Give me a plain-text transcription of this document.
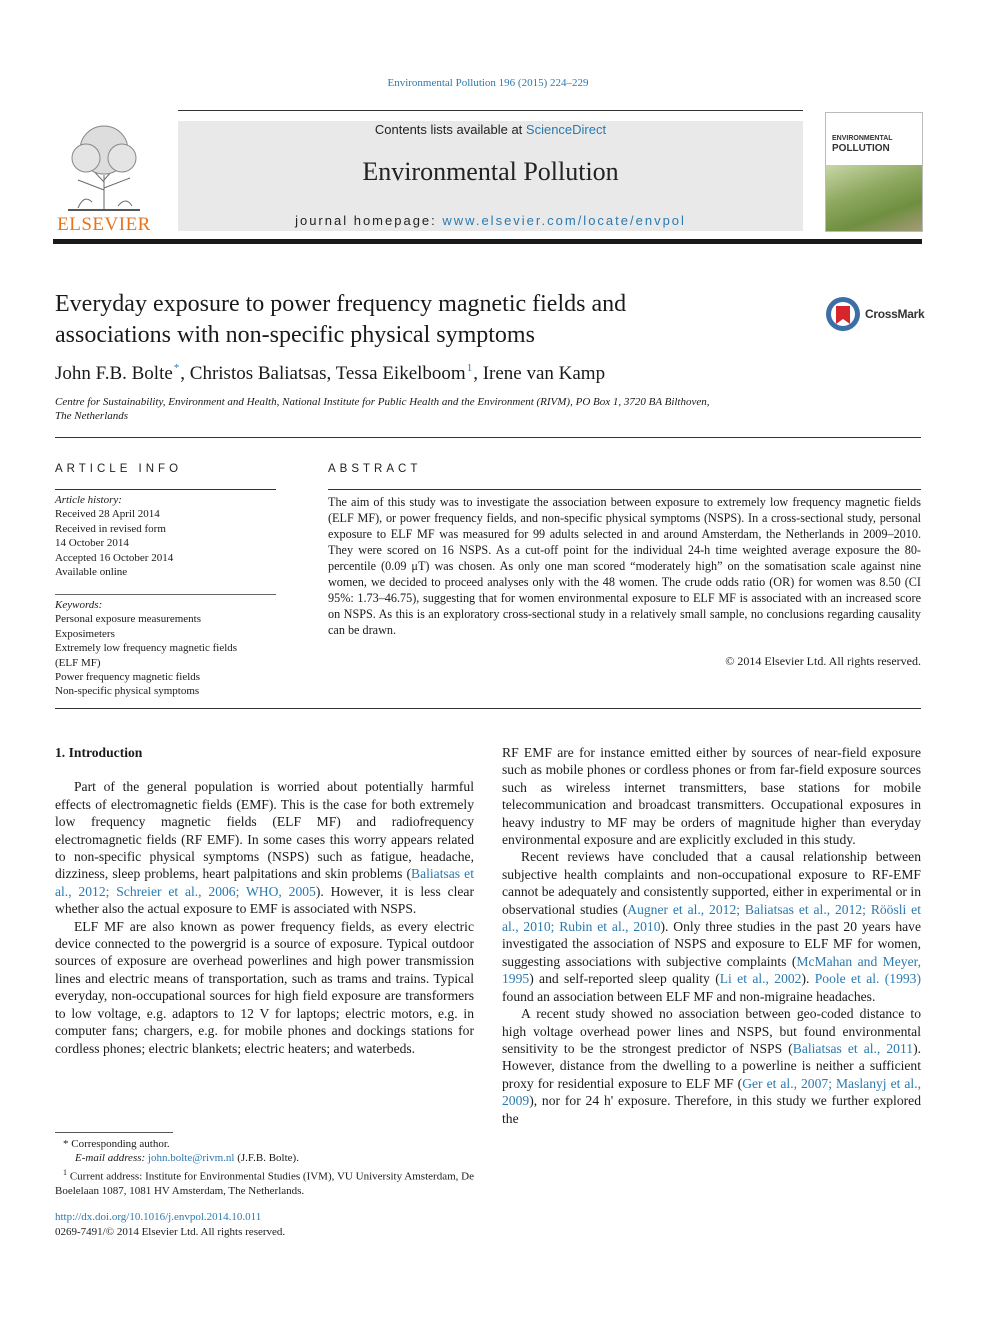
Environmental Pollution 196 (2015) 224–229
ELSEVIER
Contents lists available at ScienceDirect
Environmental Pollution
journal homepage: www.elsevier.com/locate/envpol
ENVIRONMENTAL
POLLUTION
Everyday exposure to power frequency magnetic fields and
associations with non-specific physical symptoms
CrossMark
John F.B. Bolte*, Christos Baliatsas, Tessa Eikelboom$^1$, Irene van Kamp
Centre for Sustainability, Environment and Health, National Institute for Public Health and the Environment (RIVM), PO Box 1, 3720 BA Bilthoven,
The Netherlands
ARTICLE INFO
Article history:
Received 28 April 2014
Received in revised form
14 October 2014
Accepted 16 October 2014
Available online
Keywords:
Personal exposure measurements
Exposimeters
Extremely low frequency magnetic fields
(ELF MF)
Power frequency magnetic fields
Non-specific physical symptoms
ABSTRACT
The aim of this study was to investigate the association between exposure to extremely low frequency magnetic fields (ELF MF), or power frequency fields, and non-specific physical symptoms (NSPS). In a cross-sectional study, personal exposure to ELF MF was measured for 99 adults selected in and around Amsterdam, the Netherlands in 2009–2010. They were scored on 16 NSPS. As a cut-off point for the individual 24-h time weighted average exposure the 80-percentile (0.09 μT) was chosen. As only one man scored “moderately high” on the somatisation scale against nine women, we decided to proceed analyses only with the 48 women. The crude odds ratio (OR) for women was 8.50 (CI 95%: 1.73–46.75), suggesting that for women environmental exposure to ELF MF is associated with an increased score on NSPS. As this is an exploratory cross-sectional study in a relatively small sample, no conclusions regarding causality can be drawn.
© 2014 Elsevier Ltd. All rights reserved.
1. Introduction

Part of the general population is worried about potentially harmful effects of electromagnetic fields (EMF). This is the case for both extremely low frequency magnetic fields (ELF MF) and radiofrequency electromagnetic fields (RF EMF). In some cases this worry appears related to non-specific physical symptoms (NSPS) such as fatigue, headache, dizziness, sleep problems, heart palpitations and skin problems (Baliatsas et al., 2012; Schreier et al., 2006; WHO, 2005). However, it is less clear whether also the actual exposure to EMF is associated with NSPS.

ELF MF are also known as power frequency fields, as every electric device connected to the powergrid is a source of exposure. Typical outdoor sources of exposure are overhead powerlines and high power transmission lines and electric means of transportation, such as trams and trains. Typical everyday, non-occupational sources for high field exposure are transformers to low voltage, e.g. adaptors to 12 V for laptops; electric motors, e.g. in computer fans; chargers, e.g. for mobile phones and dockings stations for cordless phones; electric blankets; electric heaters; and waterbeds.

* Corresponding author.

E-mail address: john.bolte@rivm.nl (J.F.B. Bolte).

$^1$ Current address: Institute for Environmental Studies (IVM), VU University Amsterdam, De Boelelaan 1087, 1081 HV Amsterdam, The Netherlands.

http://dx.doi.org/10.1016/j.envpol.2014.10.011
0269-7491/© 2014 Elsevier Ltd. All rights reserved.

RF EMF are for instance emitted either by sources of near-field exposure such as mobile phones or cordless phones or from far-field exposure sources such as wireless internet transmitters, base stations for mobile telecommunication and broadcast transmitters. Occupational exposures in heavy industry to MF may be orders of magnitude higher than everyday environmental exposure and are explicitly excluded in this study.

Recent reviews have concluded that a causal relationship between subjective health complaints and non-occupational exposure to RF-EMF cannot be adequately and consistently supported, either in experimental or in observational studies (Augner et al., 2012; Baliatsas et al., 2012; Röösli et al., 2010; Rubin et al., 2010). Only three studies in the past 20 years have investigated the association of NSPS and exposure to ELF MF for women, suggesting associations with subjective complaints (McMahan and Meyer, 1995) and self-reported sleep quality (Li et al., 2002). Poole et al. (1993) found an association between ELF MF and non-migraine headaches.

A recent study showed no association between geo-coded distance to high voltage overhead power lines and NSPS, but found environmental sensitivity to be the strongest predictor of NSPS (Baliatsas et al., 2011). However, distance from the dwelling to a powerline is neither a sufficient proxy for residential exposure to ELF MF (Ger et al., 2007; Maslanyj et al., 2009), nor for 24 h' exposure. Therefore, in this study we further explored the
